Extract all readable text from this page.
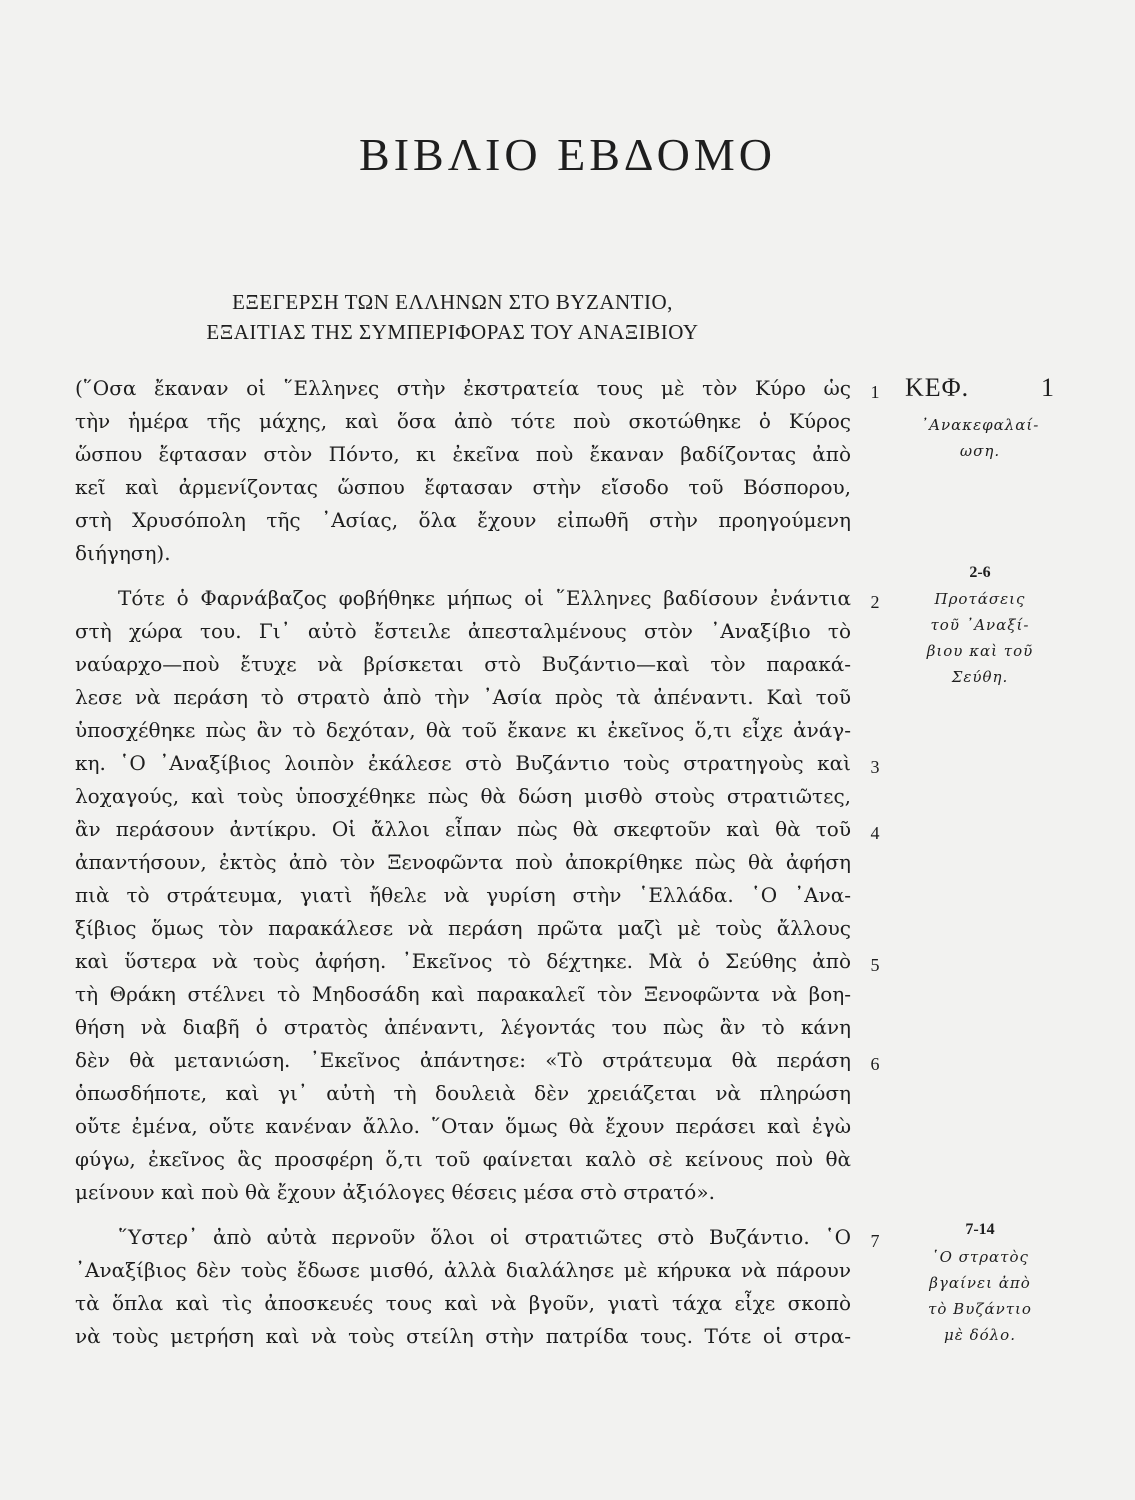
ΒΙΒΛΙΟ ΕΒΔΟΜΟ
ΕΞΕΓΕΡΣΗ ΤΩΝ ΕΛΛΗΝΩΝ ΣΤΟ ΒΥΖΑΝΤΙΟ,
ΕΞΑΙΤΙΑΣ ΤΗΣ ΣΥΜΠΕΡΙΦΟΡΑΣ ΤΟΥ ΑΝΑΞΙΒΙΟΥ
(῞Οσα ἔκαναν οἱ ῞Ελληνες στὴν ἐκστρατεία τους μὲ τὸν Κύρο ὡς
τὴν ἡμέρα τῆς μάχης, καὶ ὅσα ἀπὸ τότε ποὺ σκοτώθηκε ὁ Κύρος
ὥσπου ἔφτασαν στὸν Πόντο, κι ἐκεῖνα ποὺ ἔκαναν βαδίζοντας ἀπὸ
κεῖ καὶ ἀρμενίζοντας ὥσπου ἔφτασαν στὴν εἴσοδο τοῦ Βόσπορου,
στὴ Χρυσόπολη τῆς ᾿Ασίας, ὅλα ἔχουν εἰπωθῆ στὴν προηγούμενη
διήγηση).
Τότε ὁ Φαρνάβαζος φοβήθηκε μήπως οἱ ῞Ελληνες βαδίσουν ἐνάντια
στὴ χώρα του. Γι᾿ αὐτὸ ἔστειλε ἀπεσταλμένους στὸν ᾿Αναξίβιο τὸ
ναύαρχο—ποὺ ἔτυχε νὰ βρίσκεται στὸ Βυζάντιο—καὶ τὸν παρακά-
λεσε νὰ περάση τὸ στρατὸ ἀπὸ τὴν ᾿Ασία πρὸς τὰ ἀπέναντι. Καὶ τοῦ
ὑποσχέθηκε πὼς ἂν τὸ δεχόταν, θὰ τοῦ ἔκανε κι ἐκεῖνος ὅ,τι εἶχε ἀνάγ-
κη. ῾Ο ᾿Αναξίβιος λοιπὸν ἐκάλεσε στὸ Βυζάντιο τοὺς στρατηγοὺς καὶ
λοχαγούς, καὶ τοὺς ὑποσχέθηκε πὼς θὰ δώση μισθὸ στοὺς στρατιῶτες,
ἂν περάσουν ἀντίκρυ. Οἱ ἄλλοι εἶπαν πὼς θὰ σκεφτοῦν καὶ θὰ τοῦ
ἀπαντήσουν, ἐκτὸς ἀπὸ τὸν Ξενοφῶντα ποὺ ἀποκρίθηκε πὼς θὰ ἀφήση
πιὰ τὸ στράτευμα, γιατὶ ἤθελε νὰ γυρίση στὴν ῾Ελλάδα. ῾Ο ᾿Ανα-
ξίβιος ὅμως τὸν παρακάλεσε νὰ περάση πρῶτα μαζὶ μὲ τοὺς ἄλλους
καὶ ὕστερα νὰ τοὺς ἀφήση. ᾿Εκεῖνος τὸ δέχτηκε. Μὰ ὁ Σεύθης ἀπὸ
τὴ Θράκη στέλνει τὸ Μηδοσάδη καὶ παρακαλεῖ τὸν Ξενοφῶντα νὰ βοη-
θήση νὰ διαβῆ ὁ στρατὸς ἀπέναντι, λέγοντάς του πὼς ἂν τὸ κάνη
δὲν θὰ μετανιώση. ᾿Εκεῖνος ἀπάντησε: «Τὸ στράτευμα θὰ περάση
ὁπωσδήποτε, καὶ γι᾿ αὐτὴ τὴ δουλειὰ δὲν χρειάζεται νὰ πληρώση
οὔτε ἐμένα, οὔτε κανέναν ἄλλο. ῞Οταν ὅμως θὰ ἔχουν περάσει καὶ ἐγὼ
φύγω, ἐκεῖνος ἂς προσφέρη ὅ,τι τοῦ φαίνεται καλὸ σὲ κείνους ποὺ θὰ
μείνουν καὶ ποὺ θὰ ἔχουν ἀξιόλογες θέσεις μέσα στὸ στρατό».
῞Υστερ᾿ ἀπὸ αὐτὰ περνοῦν ὅλοι οἱ στρατιῶτες στὸ Βυζάντιο. ῾Ο
᾿Αναξίβιος δὲν τοὺς ἔδωσε μισθό, ἀλλὰ διαλάλησε μὲ κήρυκα νὰ πάρουν
τὰ ὅπλα καὶ τὶς ἀποσκευές τους καὶ νὰ βγοῦν, γιατὶ τάχα εἶχε σκοπὸ
νὰ τοὺς μετρήση καὶ νὰ τοὺς στείλη στὴν πατρίδα τους. Τότε οἱ στρα-
1
2
3
4
5
6
7
ΚΕΦ.	1
᾿Ανακεφαλαί-
ωση.
2-6
Προτάσεις
τοῦ ᾿Αναξί-
βιου καὶ τοῦ
Σεύθη.
7-14
῾Ο στρατὸς
βγαίνει ἀπὸ
τὸ Βυζάντιο
μὲ δόλο.
